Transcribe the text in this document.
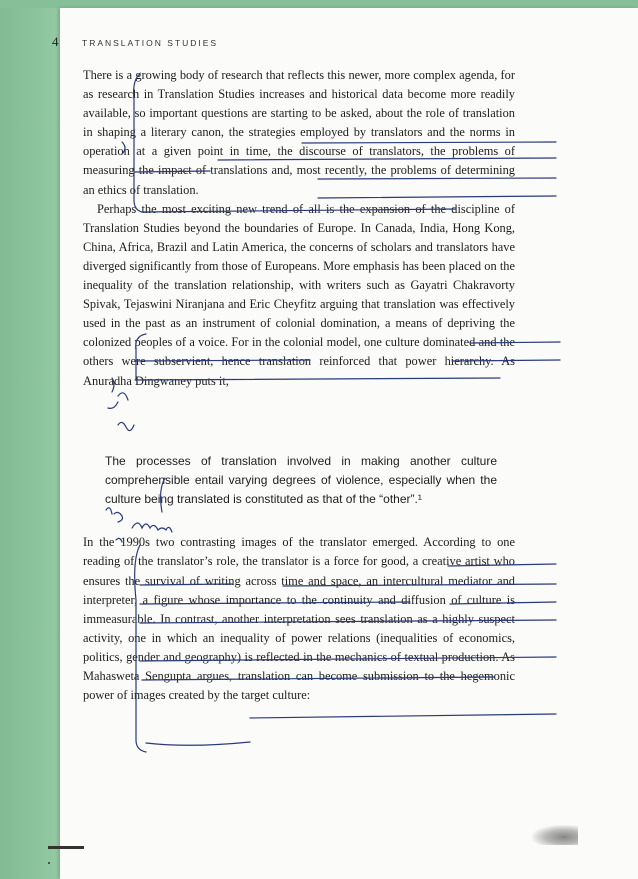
4	TRANSLATION STUDIES

There is a growing body of research that reflects this newer, more complex agenda, for as research in Translation Studies increases and historical data become more readily available, so important questions are starting to be asked, about the role of translation in shaping a literary canon, the strategies employed by translators and the norms in operation at a given point in time, the discourse of translators, the problems of measuring the impact of translations and, most recently, the problems of determining an ethics of translation.

Perhaps the most exciting new trend of all is the expansion of the discipline of Translation Studies beyond the boundaries of Europe. In Canada, India, Hong Kong, China, Africa, Brazil and Latin America, the concerns of scholars and translators have diverged significantly from those of Europeans. More emphasis has been placed on the inequality of the translation relationship, with writers such as Gayatri Chakravorty Spivak, Tejaswini Niranjana and Eric Cheyfitz arguing that translation was effectively used in the past as an instrument of colonial domination, a means of depriving the colonized peoples of a voice. For in the colonial model, one culture dominated and the others were subservient, hence translation reinforced that power hierarchy. As Anuradha Dingwaney puts it,

The processes of translation involved in making another culture comprehensible entail varying degrees of violence, especially when the culture being translated is constituted as that of the “other”.¹

In the 1990s two contrasting images of the translator emerged. According to one reading of the translator’s role, the translator is a force for good, a creative artist who ensures the survival of writing across time and space, an intercultural mediator and interpreter, a figure whose importance to the continuity and diffusion of culture is immeasurable. In contrast, another interpretation sees translation as a highly suspect activity, one in which an inequality of power relations (inequalities of economics, politics, gender and geography) is reflected in the mechanics of textual production. As Mahasweta Sengupta argues, translation can become submission to the hegemonic power of images created by the target culture:
